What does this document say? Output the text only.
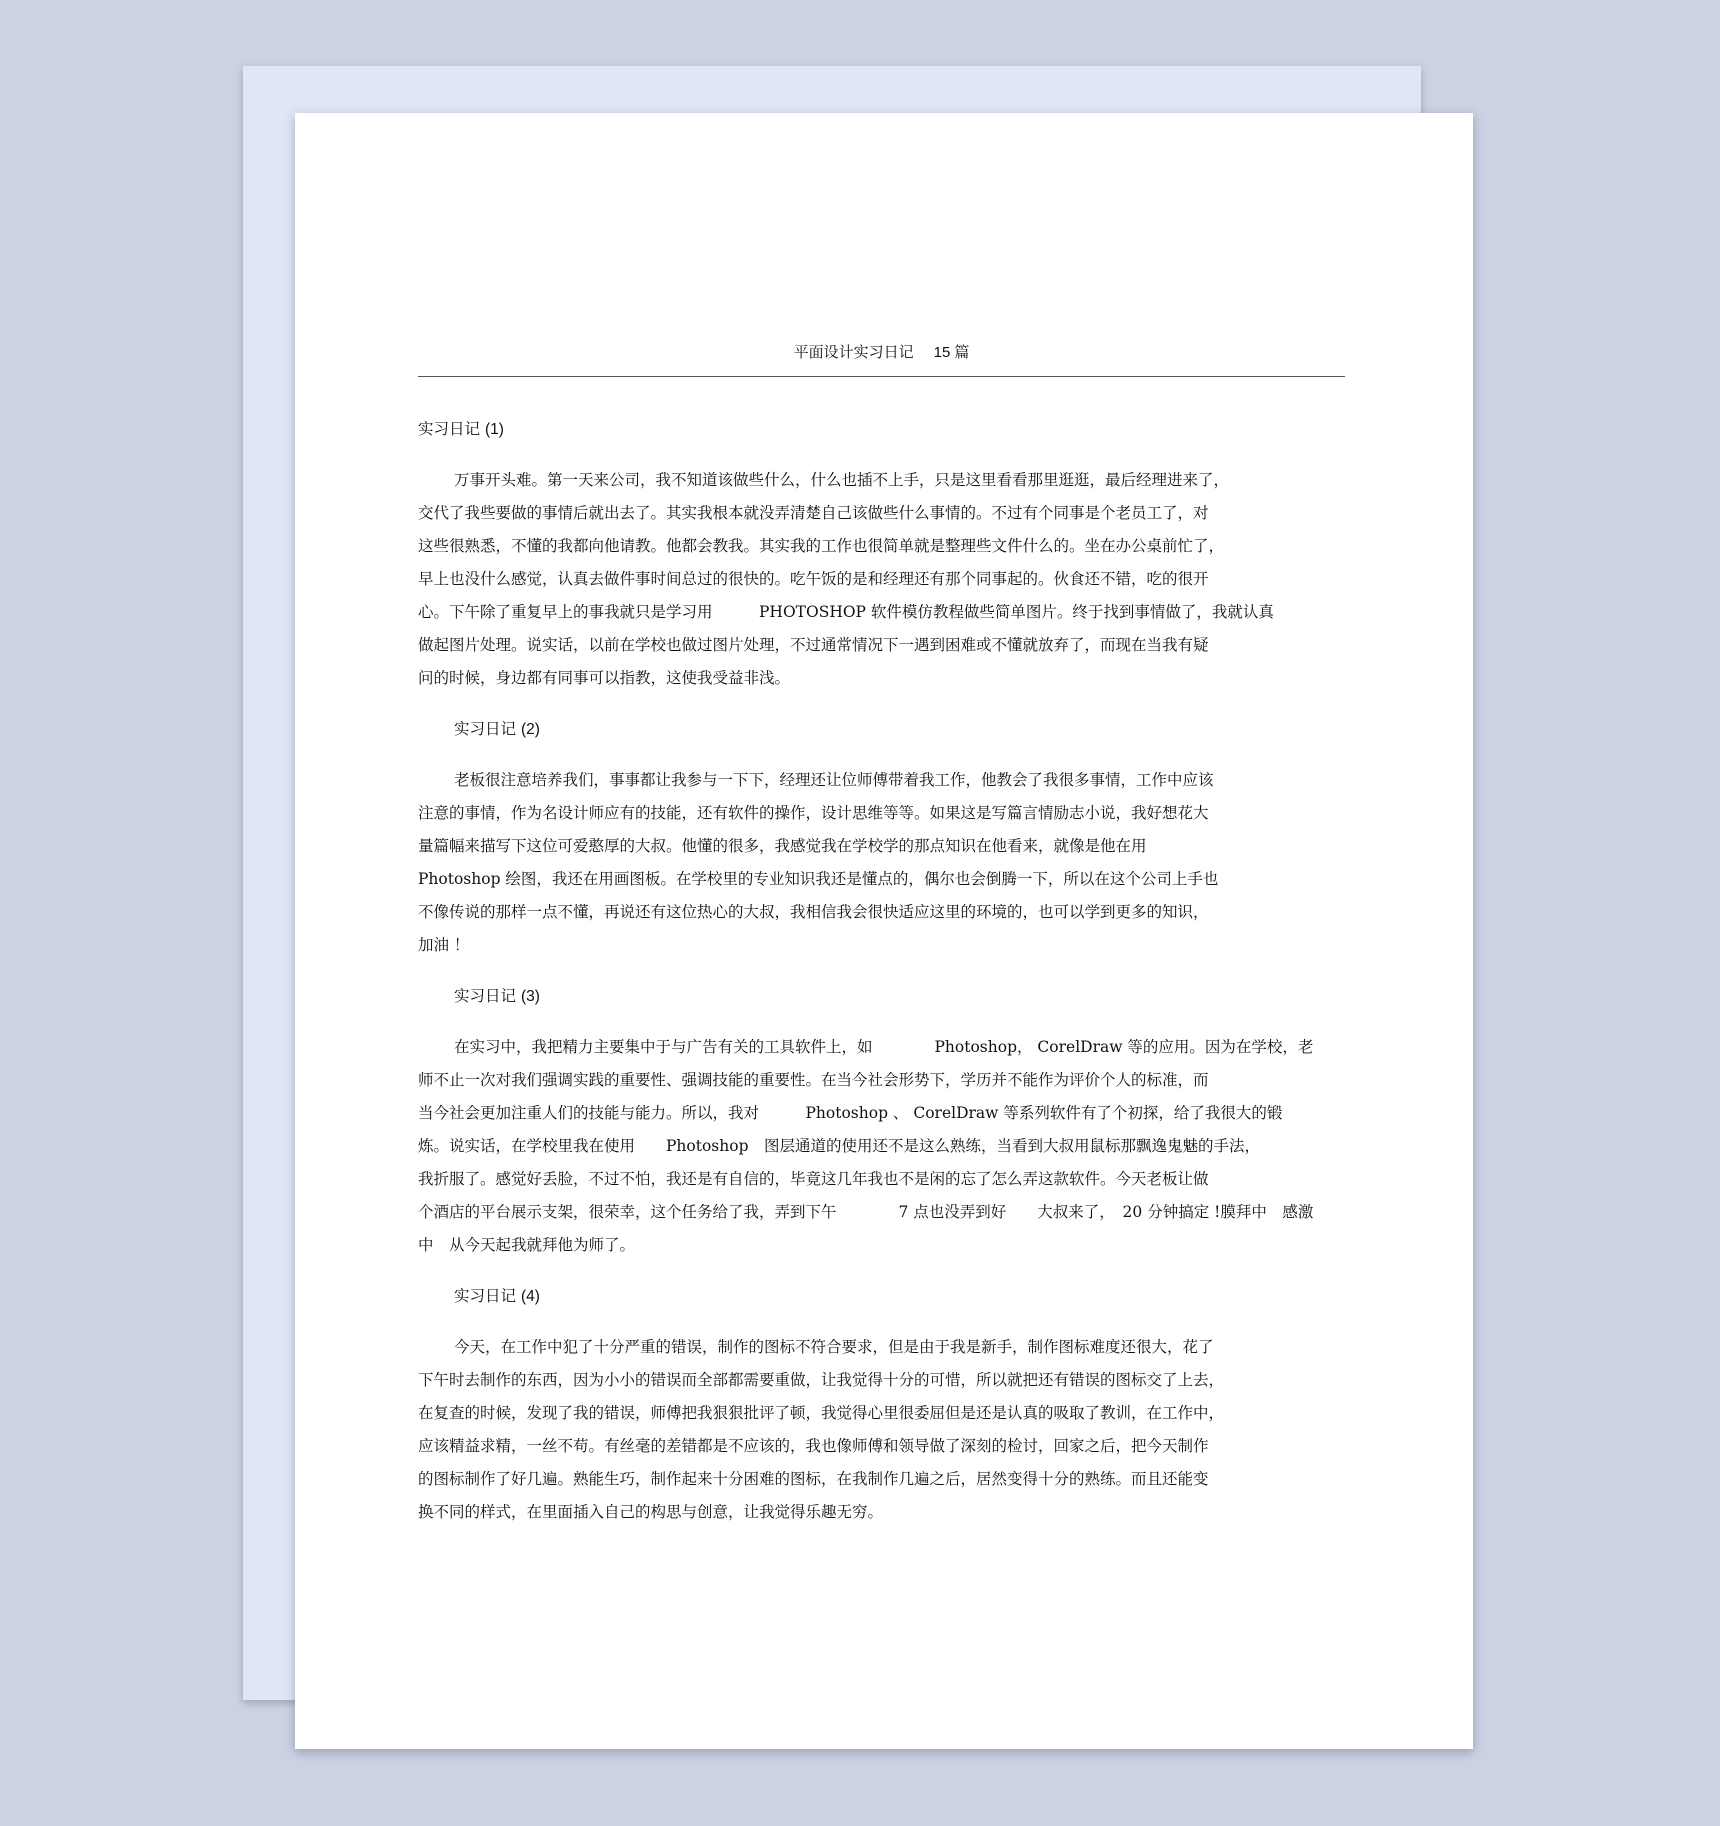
平面设计实习日记 15 篇
实习日记 (1)
万事开头难。第一天来公司，我不知道该做些什么，什么也插不上手，只是这里看看那里逛逛，最后经理进来了，
交代了我些要做的事情后就出去了。其实我根本就没弄清楚自己该做些什么事情的。不过有个同事是个老员工了，对
这些很熟悉，不懂的我都向他请教。他都会教我。其实我的工作也很简单就是整理些文件什么的。坐在办公桌前忙了，
早上也没什么感觉，认真去做件事时间总过的很快的。吃午饭的是和经理还有那个同事起的。伙食还不错，吃的很开
心。下午除了重复早上的事我就只是学习用　　　PHOTOSHOP 软件模仿教程做些简单图片。终于找到事情做了，我就认真
做起图片处理。说实话，以前在学校也做过图片处理，不过通常情况下一遇到困难或不懂就放弃了，而现在当我有疑
问的时候，身边都有同事可以指教，这使我受益非浅。
实习日记 (2)
老板很注意培养我们，事事都让我参与一下下，经理还让位师傅带着我工作，他教会了我很多事情，工作中应该
注意的事情，作为名设计师应有的技能，还有软件的操作，设计思维等等。如果这是写篇言情励志小说，我好想花大
量篇幅来描写下这位可爱憨厚的大叔。他懂的很多，我感觉我在学校学的那点知识在他看来，就像是他在用
Photoshop 绘图，我还在用画图板。在学校里的专业知识我还是懂点的，偶尔也会倒腾一下，所以在这个公司上手也
不像传说的那样一点不懂，再说还有这位热心的大叔，我相信我会很快适应这里的环境的，也可以学到更多的知识，
加油 ！
实习日记 (3)
在实习中，我把精力主要集中于与广告有关的工具软件上，如　　　　Photoshop， CorelDraw 等的应用。因为在学校，老
师不止一次对我们强调实践的重要性、强调技能的重要性。在当今社会形势下，学历并不能作为评价个人的标准，而
当今社会更加注重人们的技能与能力。所以，我对　　　Photoshop 、 CorelDraw 等系列软件有了个初探，给了我很大的锻
炼。说实话，在学校里我在使用　　Photoshop　图层通道的使用还不是这么熟练，当看到大叔用鼠标那飘逸鬼魅的手法，
我折服了。感觉好丢脸，不过不怕，我还是有自信的，毕竟这几年我也不是闲的忘了怎么弄这款软件。今天老板让做
个酒店的平台展示支架，很荣幸，这个任务给了我，弄到下午　　　　7 点也没弄到好　　大叔来了，　20 分钟搞定 !膜拜中　感激
中　从今天起我就拜他为师了。
实习日记 (4)
今天，在工作中犯了十分严重的错误，制作的图标不符合要求，但是由于我是新手，制作图标难度还很大，花了
下午时去制作的东西，因为小小的错误而全部都需要重做，让我觉得十分的可惜，所以就把还有错误的图标交了上去，
在复查的时候，发现了我的错误，师傅把我狠狠批评了顿，我觉得心里很委屈但是还是认真的吸取了教训，在工作中，
应该精益求精，一丝不苟。有丝毫的差错都是不应该的，我也像师傅和领导做了深刻的检讨，回家之后，把今天制作
的图标制作了好几遍。熟能生巧，制作起来十分困难的图标，在我制作几遍之后，居然变得十分的熟练。而且还能变
换不同的样式，在里面插入自己的构思与创意，让我觉得乐趣无穷。
